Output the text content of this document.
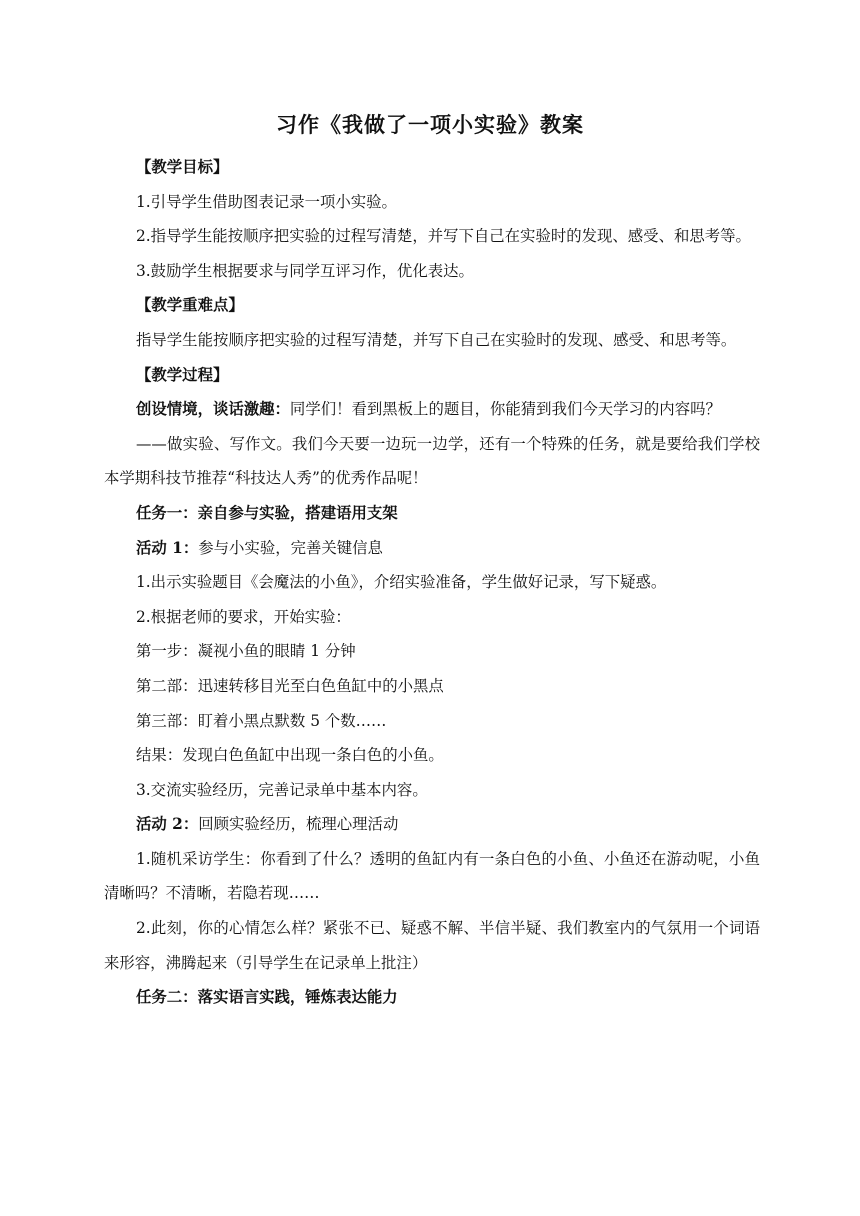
习作《我做了一项小实验》教案

【教学目标】

1.引导学生借助图表记录一项小实验。

2.指导学生能按顺序把实验的过程写清楚，并写下自己在实验时的发现、感受、和思考等。

3.鼓励学生根据要求与同学互评习作，优化表达。

【教学重难点】

指导学生能按顺序把实验的过程写清楚，并写下自己在实验时的发现、感受、和思考等。

【教学过程】

创设情境，谈话激趣：同学们！看到黑板上的题目，你能猜到我们今天学习的内容吗？

——做实验、写作文。我们今天要一边玩一边学，还有一个特殊的任务，就是要给我们学校本学期科技节推荐“科技达人秀”的优秀作品呢！

任务一：亲自参与实验，搭建语用支架

活动 1：参与小实验，完善关键信息

1.出示实验题目《会魔法的小鱼》，介绍实验准备，学生做好记录，写下疑惑。

2.根据老师的要求，开始实验：

第一步：凝视小鱼的眼睛 1 分钟

第二部：迅速转移目光至白色鱼缸中的小黑点

第三部：盯着小黑点默数 5 个数……

结果：发现白色鱼缸中出现一条白色的小鱼。

3.交流实验经历，完善记录单中基本内容。

活动 2：回顾实验经历，梳理心理活动

1.随机采访学生：你看到了什么？透明的鱼缸内有一条白色的小鱼、小鱼还在游动呢，小鱼清晰吗？不清晰，若隐若现……

2.此刻，你的心情怎么样？紧张不已、疑惑不解、半信半疑、我们教室内的气氛用一个词语来形容，沸腾起来（引导学生在记录单上批注）

任务二：落实语言实践，锤炼表达能力
